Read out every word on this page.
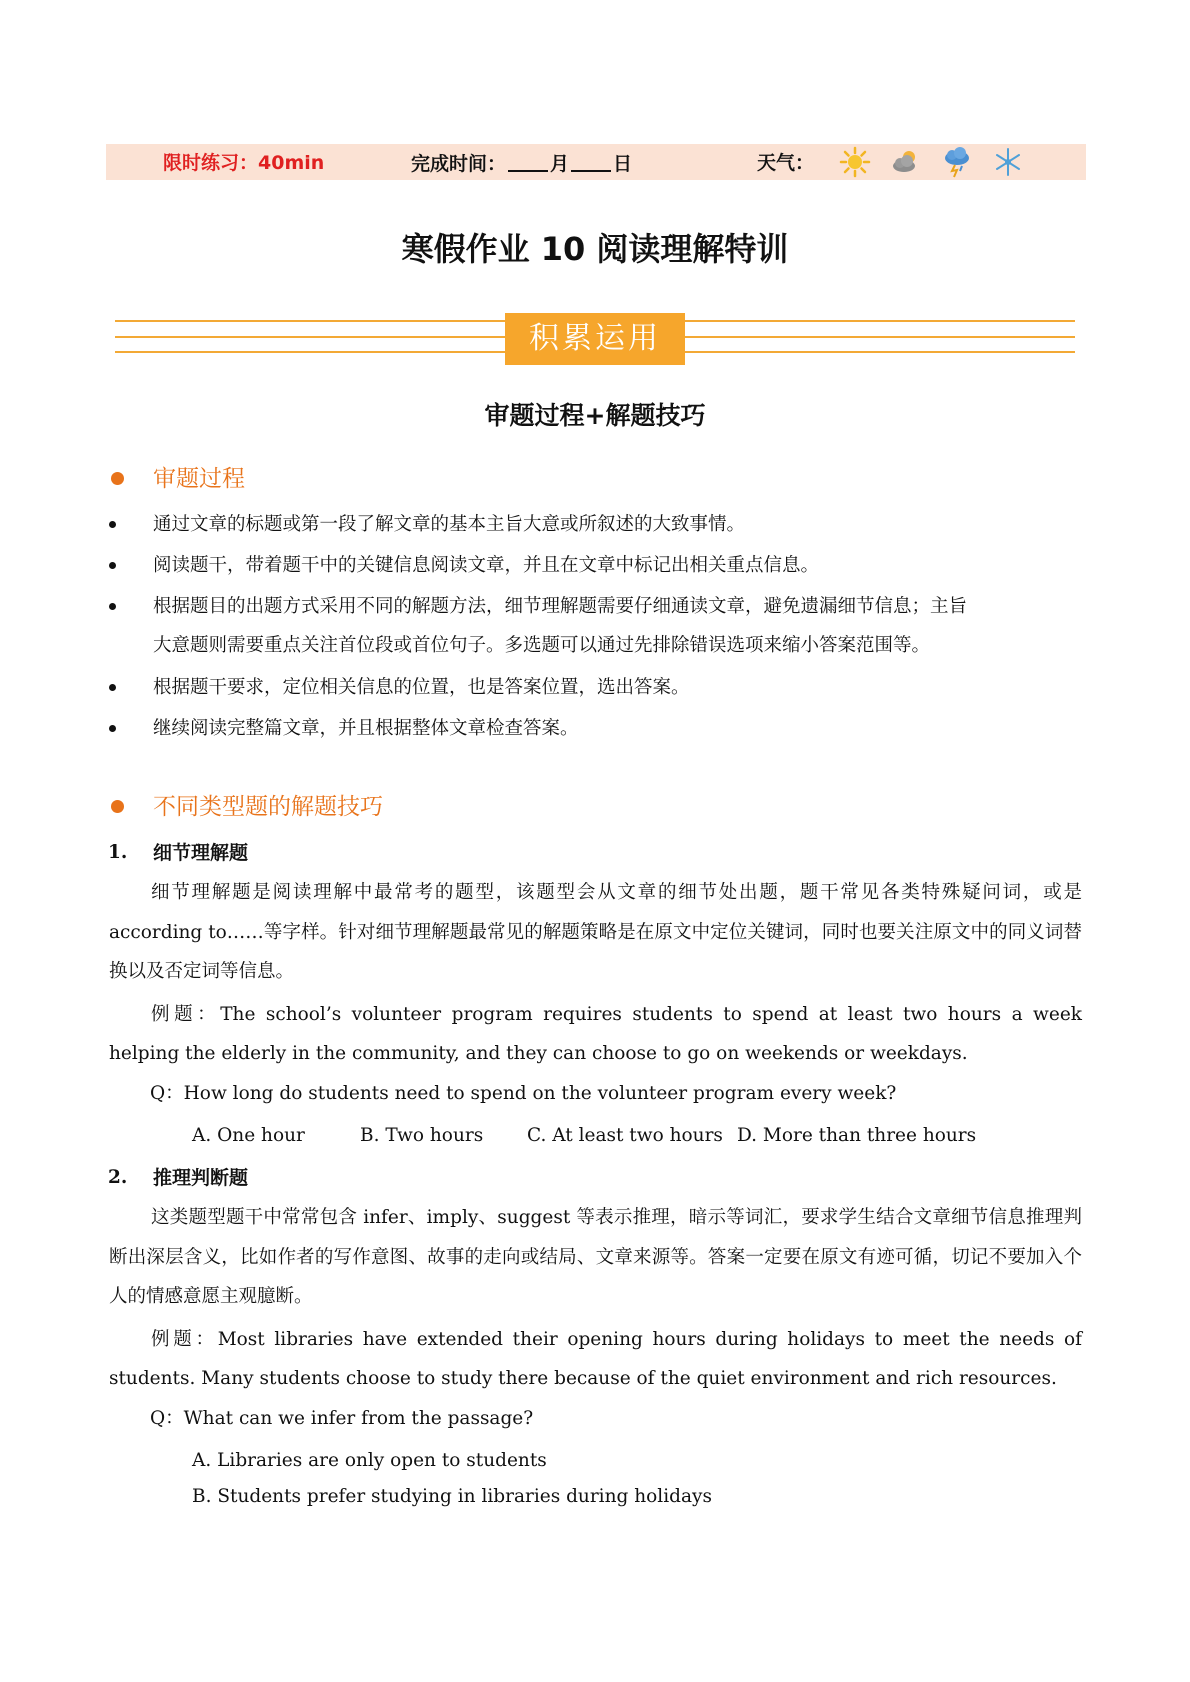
限时练习：40min	完成时间： 月 日	天气：
寒假作业 10 阅读理解特训
积累运用
审题过程+解题技巧
审题过程
通过文章的标题或第一段了解文章的基本主旨大意或所叙述的大致事情。
阅读题干，带着题干中的关键信息阅读文章，并且在文章中标记出相关重点信息。
根据题目的出题方式采用不同的解题方法，细节理解题需要仔细通读文章，避免遗漏细节信息；主旨
大意题则需要重点关注首位段或首位句子。多选题可以通过先排除错误选项来缩小答案范围等。
根据题干要求，定位相关信息的位置，也是答案位置，选出答案。
继续阅读完整篇文章，并且根据整体文章检查答案。
不同类型题的解题技巧
1. 细节理解题
细节理解题是阅读理解中最常考的题型，该题型会从文章的细节处出题，题干常见各类特殊疑问词，或是 according to……等字样。针对细节理解题最常见的解题策略是在原文中定位关键词，同时也要关注原文中的同义词替换以及否定词等信息。
例题：The school’s volunteer program requires students to spend at least two hours a week helping the elderly in the community, and they can choose to go on weekends or weekdays.
Q：How long do students need to spend on the volunteer program every week?
A. One hour	B. Two hours C. At least two hours D. More than three hours
2. 推理判断题
这类题型题干中常常包含 infer、imply、suggest 等表示推理，暗示等词汇，要求学生结合文章细节信息推理判断出深层含义，比如作者的写作意图、故事的走向或结局、文章来源等。答案一定要在原文有迹可循，切记不要加入个人的情感意愿主观臆断。
例题：Most libraries have extended their opening hours during holidays to meet the needs of students. Many students choose to study there because of the quiet environment and rich resources.
Q：What can we infer from the passage?
A. Libraries are only open to students
B. Students prefer studying in libraries during holidays
